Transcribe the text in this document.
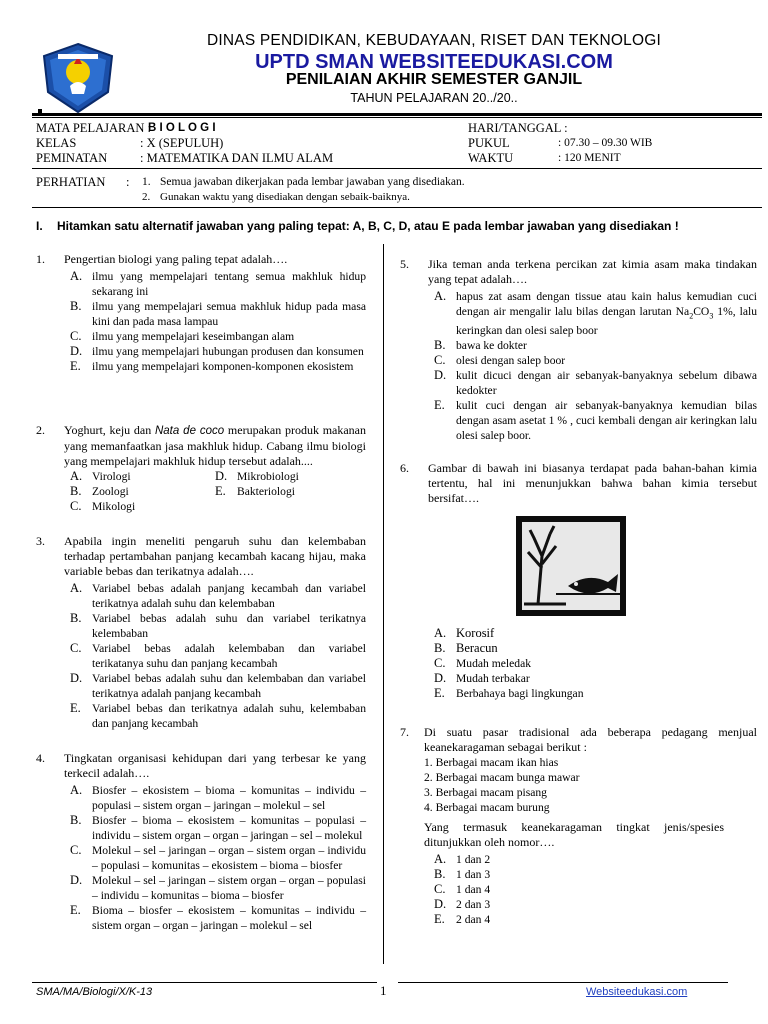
DINAS PENDIDIKAN, KEBUDAYAAN, RISET DAN TEKNOLOGI
UPTD SMAN WEBSITEEDUKASI.COM
PENILAIAN AKHIR SEMESTER GANJIL
TAHUN PELAJARAN 20../20..
MATA PELAJARAN :
B I O L O G I
KELAS	: X (SEPULUH)
PEMINATAN	: MATEMATIKA DAN ILMU ALAM
HARI/TANGGAL :
PUKUL	: 07.30 – 09.30 WIB
WAKTU	: 120 MENIT
PERHATIAN : 1. Semua jawaban dikerjakan pada lembar jawaban yang disediakan.
2. Gunakan waktu yang disediakan dengan sebaik-baiknya.
I. Hitamkan satu alternatif jawaban yang paling tepat: A, B, C, D, atau E pada lembar jawaban yang disediakan !
1. Pengertian biologi yang paling tepat adalah….
A. ilmu yang mempelajari tentang semua makhluk hidup sekarang ini
B. ilmu yang mempelajari semua makhluk hidup pada masa kini dan pada masa lampau
C. ilmu yang mempelajari keseimbangan alam
D. ilmu yang mempelajari hubungan produsen dan konsumen
E. ilmu yang mempelajari komponen-komponen ekosistem
2. Yoghurt, keju dan Nata de coco merupakan produk makanan yang memanfaatkan jasa makhluk hidup. Cabang ilmu biologi yang mempelajari makhluk hidup tersebut adalah....
A. Virologi	D. Mikrobiologi
B. Zoologi	E. Bakteriologi
C. Mikologi
3. Apabila ingin meneliti pengaruh suhu dan kelembaban terhadap pertambahan panjang kecambah kacang hijau, maka variable bebas dan terikatnya adalah….
A. Variabel bebas adalah panjang kecambah dan variabel terikatnya adalah suhu dan kelembaban
B. Variabel bebas adalah suhu dan variabel terikatnya kelembaban
C. Variabel bebas adalah kelembaban dan variabel terikatanya suhu dan panjang kecambah
D. Variabel bebas adalah suhu dan kelembaban dan variabel terikatnya adalah panjang kecambah
E. Variabel bebas dan terikatnya adalah suhu, kelembaban dan panjang kecambah
4. Tingkatan organisasi kehidupan dari yang terbesar ke yang terkecil adalah….
A. Biosfer – ekosistem – bioma – komunitas – individu – populasi – sistem organ – jaringan – molekul – sel
B. Biosfer – bioma – ekosistem – komunitas – populasi – individu – sistem organ – organ – jaringan – sel – molekul
C. Molekul – sel – jaringan – organ – sistem organ – individu – populasi – komunitas – ekosistem – bioma – biosfer
D. Molekul – sel – jaringan – sistem organ – organ – populasi – individu – komunitas – bioma – biosfer
E. Bioma – biosfer – ekosistem – komunitas – individu – sistem organ – organ – jaringan – molekul – sel
5. Jika teman anda terkena percikan zat kimia asam maka tindakan yang tepat adalah….
A. hapus zat asam dengan tissue atau kain halus kemudian cuci dengan air mengalir lalu bilas dengan larutan $Na_2CO_3$ 1%, lalu keringkan dan olesi salep boor
B. bawa ke dokter
C. olesi dengan salep boor
D. kulit dicuci dengan air sebanyak-banyaknya sebelum dibawa kedokter
E. kulit cuci dengan air sebanyak-banyaknya kemudian bilas dengan asam asetat 1 % , cuci kembali dengan air keringkan lalu olesi salep boor.
6. Gambar di bawah ini biasanya terdapat pada bahan-bahan kimia tertentu, hal ini menunjukkan bahwa bahan kimia tersebut bersifat….
A. Korosif
B. Beracun
C. Mudah meledak
D. Mudah terbakar
E. Berbahaya bagi lingkungan
7. Di suatu pasar tradisional ada beberapa pedagang menjual keanekaragaman sebagai berikut :
1. Berbagai macam ikan hias
2. Berbagai macam bunga mawar
3. Berbagai macam pisang
4. Berbagai macam burung
Yang termasuk keanekaragaman tingkat jenis/spesies ditunjukkan oleh nomor….
A. 1 dan 2
B. 1 dan 3
C. 1 dan 4
D. 2 dan 3
E. 2 dan 4
SMA/MA/Biologi/X/K-13	1	Websiteedukasi.com
